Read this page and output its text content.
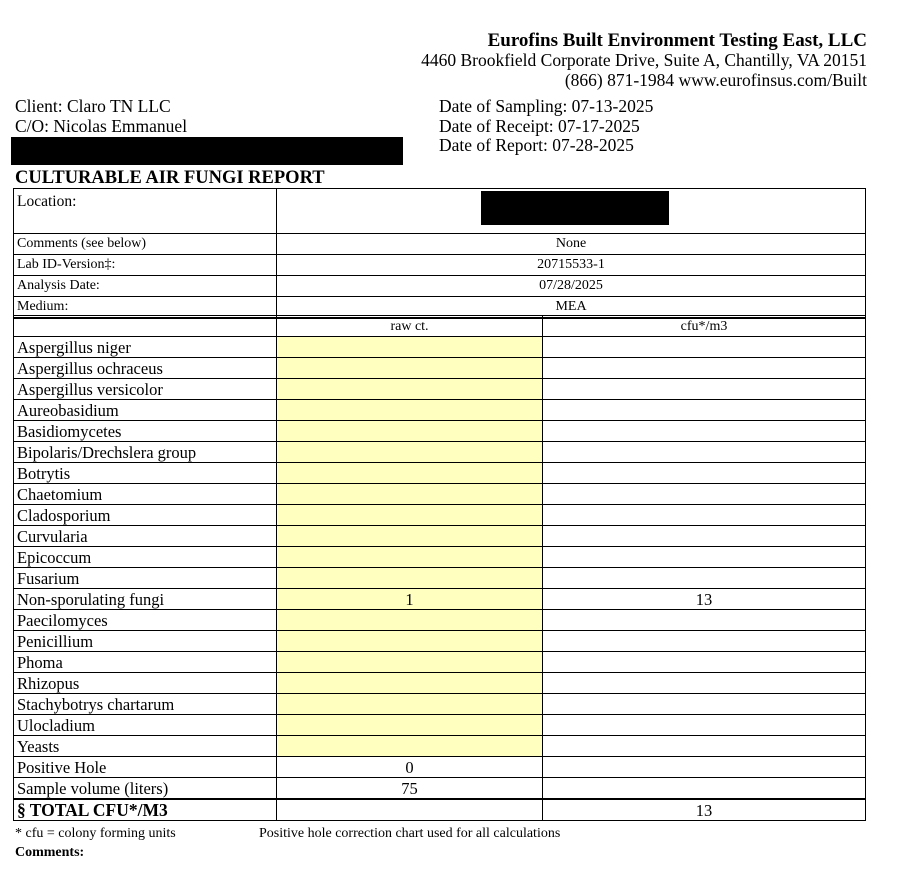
Eurofins Built Environment Testing East, LLC
4460 Brookfield Corporate Drive, Suite A, Chantilly, VA 20151
(866) 871-1984 www.eurofinsus.com/Built
Client: Claro TN LLC
C/O: Nicolas Emmanuel
Date of Sampling: 07-13-2025
Date of Receipt: 07-17-2025
Date of Report: 07-28-2025
CULTURABLE AIR FUNGI REPORT
Location:	

Comments (see below)	None
Lab ID-Version‡:	20715533-1
Analysis Date:	07/28/2025
Medium:	MEA
	raw ct.	cfu*/m3
Aspergillus niger		
Aspergillus ochraceus		
Aspergillus versicolor		
Aureobasidium		
Basidiomycetes		
Bipolaris/Drechslera group		
Botrytis		
Chaetomium		
Cladosporium		
Curvularia		
Epicoccum		
Fusarium		
Non-sporulating fungi	1	13
Paecilomyces		
Penicillium		
Phoma		
Rhizopus		
Stachybotrys chartarum		
Ulocladium		
Yeasts		
Positive Hole	0	
Sample volume (liters)	75	
§ TOTAL CFU*/M3		13
* cfu = colony forming units	Positive hole correction chart used for all calculations
Comments:
